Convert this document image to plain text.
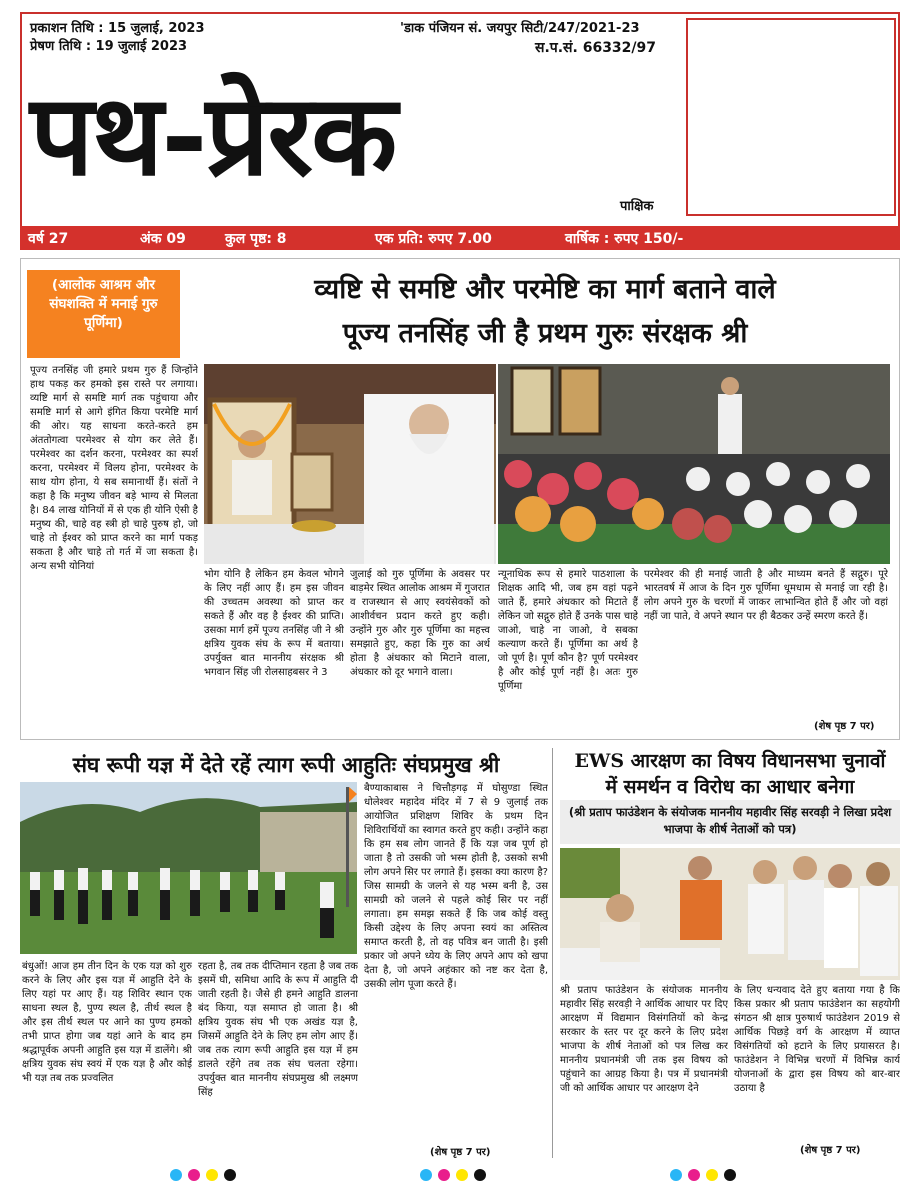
प्रकाशन तिथि : 15 जुलाई, 2023
प्रेषण तिथि : 19 जुलाई 2023
'डाक पंजियन सं. जयपुर सिटी/247/2021-23
स.प.सं. 66332/97
पथ-प्रेरक
पाक्षिक
वर्ष 27	अंक 09	कुल पृष्ठ: 8	एक प्रति: रुपए 7.00	वार्षिक : रुपए 150/-
(आलोक आश्रम और संघशक्ति में मनाई गुरु पूर्णिमा)
व्यष्टि से समष्टि और परमेष्टि का मार्ग बताने वाले
पूज्य तनसिंह जी है प्रथम गुरुः संरक्षक श्री
पूज्य तनसिंह जी हमारे प्रथम गुरु हैं जिन्होंने हाथ पकड़ कर हमको इस रास्ते पर लगाया। व्यष्टि मार्ग से समष्टि मार्ग तक पहुंचाया और समष्टि मार्ग से आगे इंगित किया परमेष्टि मार्ग की ओर। यह साधना करते-करते हम अंततोगत्वा परमेश्वर से योग कर लेते हैं। परमेश्वर का दर्शन करना, परमेश्वर का स्पर्श करना, परमेश्वर में विलय होना, परमेश्वर के साथ योग होना, ये सब समानार्थी हैं। संतों ने कहा है कि मनुष्य जीवन बड़े भाग्य से मिलता है। 84 लाख योनियों में से एक ही योनि ऐसी है मनुष्य की, चाहे वह स्त्री हो चाहे पुरुष हो, जो चाहे तो ईश्वर को प्राप्त करने का मार्ग पकड़ सकता है और चाहे तो गर्त में जा सकता है। अन्य सभी योनियां
भोग योनि है लेकिन हम केवल भोगने के लिए नहीं आए हैं। हम इस जीवन की उच्चतम अवस्था को प्राप्त कर सकते हैं और वह है ईश्वर की प्राप्ति। उसका मार्ग हमें पूज्य तनसिंह जी ने श्री क्षत्रिय युवक संघ के रूप में बताया। उपर्युक्त बात माननीय संरक्षक श्री भगवान सिंह जी रोलसाहबसर ने 3
जुलाई को गुरु पूर्णिमा के अवसर पर बाड़मेर स्थित आलोक आश्रम में गुजरात व राजस्थान से आए स्वयंसेवकों को आशीर्वचन प्रदान करते हुए कही। उन्होंने गुरु और गुरु पूर्णिमा का महत्त्व समझाते हुए, कहा कि गुरु का अर्थ होता है अंधकार को मिटाने वाला, अंधकार को दूर भगाने वाला।
न्यूनाधिक रूप से हमारे पाठशाला के शिक्षक आदि भी, जब हम वहां पढ़ने जाते हैं, हमारे अंधकार को मिटाते हैं लेकिन जो सद्गुरु होते हैं उनके पास चाहे जाओ, चाहे ना जाओ, वे सबका कल्याण करते हैं। पूर्णिमा का अर्थ है जो पूर्ण है। पूर्ण कौन है? पूर्ण परमेश्वर है और कोई पूर्ण नहीं है। अतः गुरु पूर्णिमा
परमेश्वर की ही मनाई जाती है और माध्यम बनते हैं सद्गुरु। पूरे भारतवर्ष में आज के दिन गुरु पूर्णिमा धूमधाम से मनाई जा रही है। लोग अपने गुरु के चरणों में जाकर लाभान्वित होते हैं और जो वहां नहीं जा पाते, वे अपने स्थान पर ही बैठकर उन्हें स्मरण करते हैं।
(शेष पृष्ठ 7 पर)
संघ रूपी यज्ञ में देते रहें त्याग रूपी आहुतिः संघप्रमुख श्री
बंधुओं! आज हम तीन दिन के एक यज्ञ को शुरु करने के लिए और इस यज्ञ में आहुति देने के लिए यहां पर आए हैं। यह शिविर स्थान एक साधना स्थल है, पुण्य स्थल है, तीर्थ स्थल है और इस तीर्थ स्थल पर आने का पुण्य हमको तभी प्राप्त होगा जब यहां आने के बाद हम श्रद्धापूर्वक अपनी आहुति इस यज्ञ में डालेंगे। श्री क्षत्रिय युवक संघ स्वयं में एक यज्ञ है और कोई भी यज्ञ तब तक प्रज्वलित
रहता है, तब तक दीप्तिमान रहता है जब तक इसमें घी, समिधा आदि के रूप में आहुति दी जाती रहती है। जैसे ही हमने आहुति डालना बंद किया, यज्ञ समाप्त हो जाता है। श्री क्षत्रिय युवक संघ भी एक अखंड यज्ञ है, जिसमें आहुति देने के लिए हम लोग आए हैं। जब तक त्याग रूपी आहुति इस यज्ञ में हम डालते रहेंगे तब तक संघ चलता रहेगा। उपर्युक्त बात माननीय संघप्रमुख श्री लक्ष्मण सिंह
बैण्याकाबास ने चित्तौड़गढ़ में घोसुण्डा स्थित धोलेश्वर महादेव मंदिर में 7 से 9 जुलाई तक आयोजित प्रशिक्षण शिविर के प्रथम दिन शिविरार्थियों का स्वागत करते हुए कही। उन्होंने कहा कि हम सब लोग जानते हैं कि यज्ञ जब पूर्ण हो जाता है तो उसकी जो भस्म होती है, उसको सभी लोग अपने सिर पर लगाते हैं। इसका क्या कारण है? जिस सामग्री के जलने से यह भस्म बनी है, उस सामग्री को जलने से पहले कोई सिर पर नहीं लगाता। हम समझ सकते हैं कि जब कोई वस्तु किसी उद्देश्य के लिए अपना स्वयं का अस्तित्व समाप्त करती है, तो वह पवित्र बन जाती है। इसी प्रकार जो अपने ध्येय के लिए अपने आप को खपा देता है, जो अपने अहंकार को नष्ट कर देता है, उसकी लोग पूजा करते हैं।
(शेष पृष्ठ 7 पर)
EWS आरक्षण का विषय विधानसभा चुनावों
में समर्थन व विरोध का आधार बनेगा
(श्री प्रताप फाउंडेशन के संयोजक माननीय महावीर सिंह सरवड़ी ने लिखा प्रदेश भाजपा के शीर्ष नेताओं को पत्र)
श्री प्रताप फाउंडेशन के संयोजक माननीय महावीर सिंह सरवड़ी ने आर्थिक आधार पर दिए आरक्षण में विद्यमान विसंगतियों को केन्द्र सरकार के स्तर पर दूर करने के लिए प्रदेश भाजपा के शीर्ष नेताओं को पत्र लिख कर माननीय प्रधानमंत्री जी तक इस विषय को पहुंचाने का आग्रह किया है। पत्र में प्रधानमंत्री जी को आर्थिक आधार पर आरक्षण देने
के लिए धन्यवाद देते हुए बताया गया है कि किस प्रकार श्री प्रताप फाउंडेशन का सहयोगी संगठन श्री क्षात्र पुरुषार्थ फाउंडेशन 2019 से आर्थिक पिछड़े वर्ग के आरक्षण में व्याप्त विसंगतियों को हटाने के लिए प्रयासरत है। फाउंडेशन ने विभिन्न चरणों में विभिन्न कार्य योजनाओं के द्वारा इस विषय को बार-बार उठाया है
(शेष पृष्ठ 7 पर)
